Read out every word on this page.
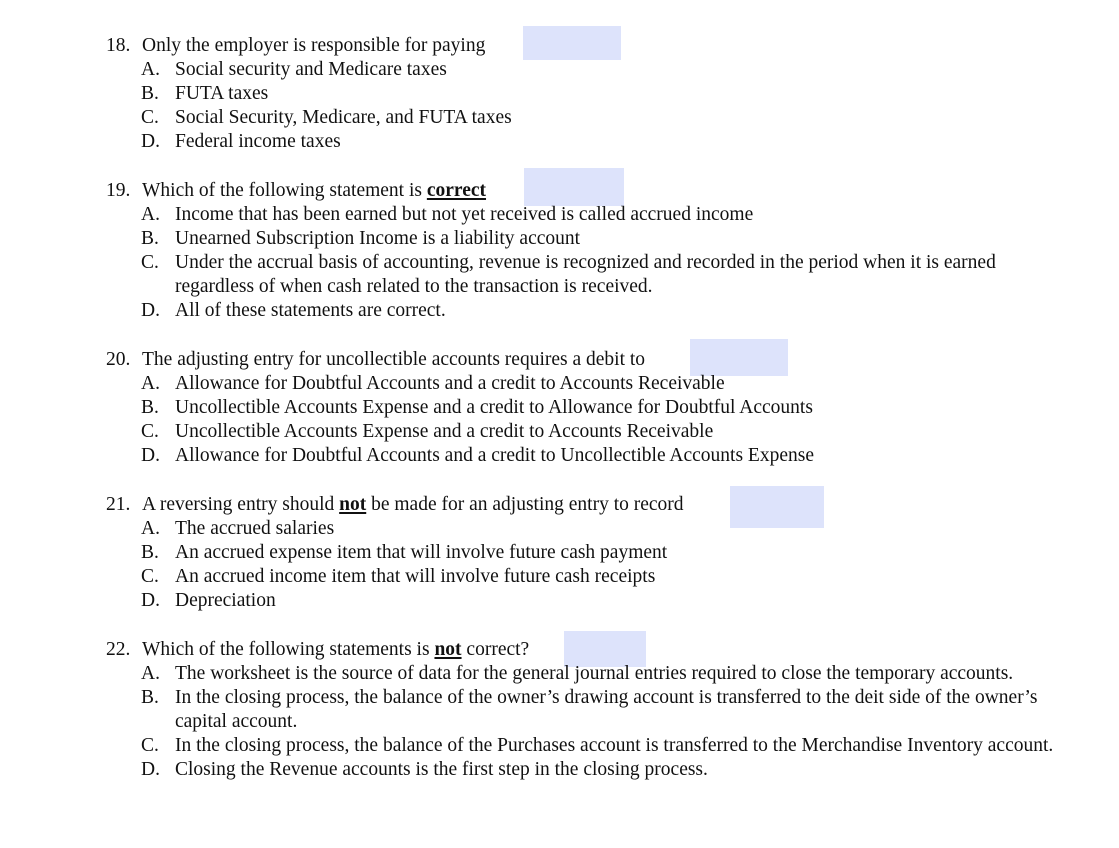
18. Only the employer is responsible for paying
A. Social security and Medicare taxes
B. FUTA taxes
C. Social Security, Medicare, and FUTA taxes
D. Federal income taxes
19. Which of the following statement is correct
A. Income that has been earned but not yet received is called accrued income
B. Unearned Subscription Income is a liability account
C. Under the accrual basis of accounting, revenue is recognized and recorded in the period when it is earned regardless of when cash related to the transaction is received.
D. All of these statements are correct.
20. The adjusting entry for uncollectible accounts requires a debit to
A. Allowance for Doubtful Accounts and a credit to Accounts Receivable
B. Uncollectible Accounts Expense and a credit to Allowance for Doubtful Accounts
C. Uncollectible Accounts Expense and a credit to Accounts Receivable
D. Allowance for Doubtful Accounts and a credit to Uncollectible Accounts Expense
21. A reversing entry should not be made for an adjusting entry to record
A. The accrued salaries
B. An accrued expense item that will involve future cash payment
C. An accrued income item that will involve future cash receipts
D. Depreciation
22. Which of the following statements is not correct?
A. The worksheet is the source of data for the general journal entries required to close the temporary accounts.
B. In the closing process, the balance of the owner’s drawing account is transferred to the deit side of the owner’s capital account.
C. In the closing process, the balance of the Purchases account is transferred to the Merchandise Inventory account.
D. Closing the Revenue accounts is the first step in the closing process.
